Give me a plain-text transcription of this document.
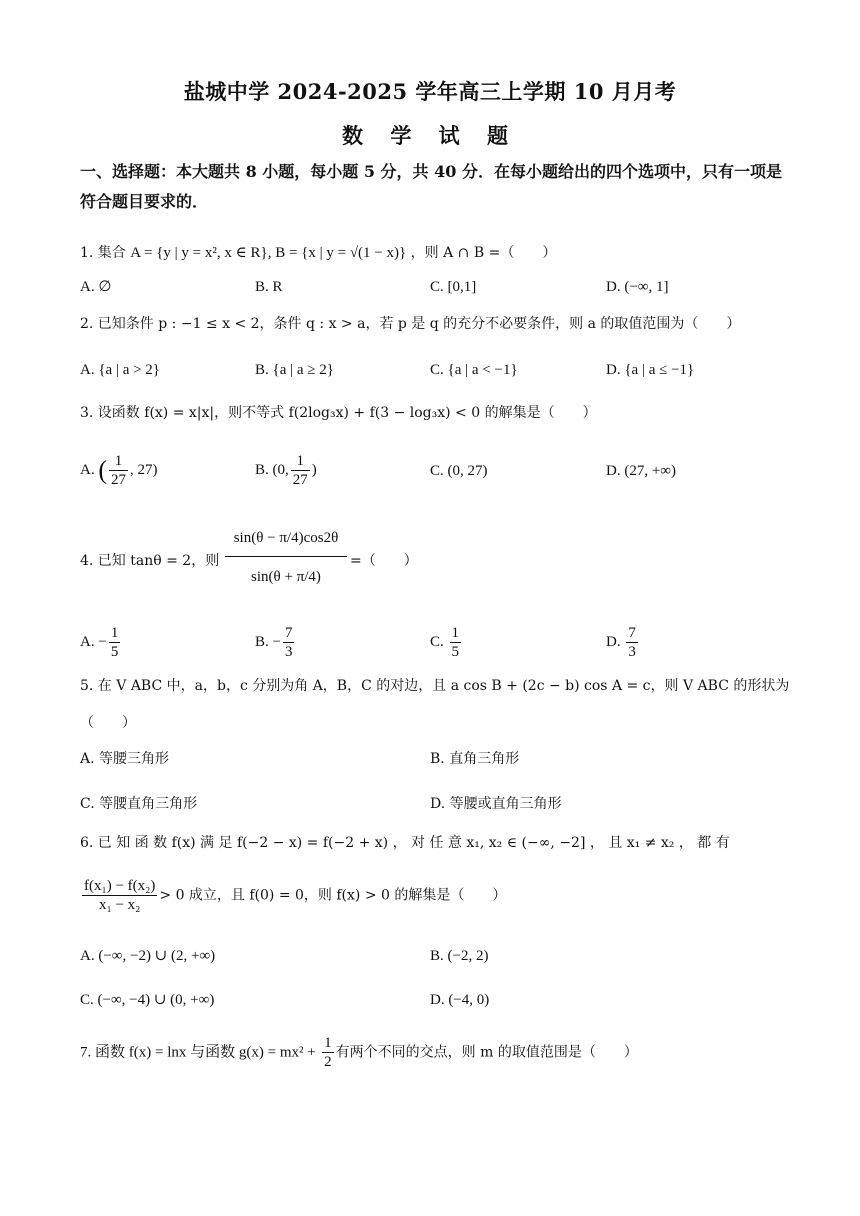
盐城中学 2024-2025 学年高三上学期 10 月月考
数 学 试 题
一、选择题：本大题共 8 小题，每小题 5 分，共 40 分．在每小题给出的四个选项中，只有一项是符合题目要求的．
1. 集合 A = {y | y = x², x ∈ R}, B = {x | y = √(1 − x)} ，则 A ∩ B =（　　）
A. ∅	B. R	C. [0,1]	D. (−∞, 1]
2. 已知条件 p : −1 ≤ x < 2，条件 q : x > a，若 p 是 q 的充分不必要条件，则 a 的取值范围为（　　）
A. {a | a > 2}	B. {a | a ≥ 2}	C. {a | a < −1}	D. {a | a ≤ −1}
3. 设函数 f(x) = x|x|，则不等式 f(2log₃x) + f(3 − log₃x) < 0 的解集是（　　）
A. ( $\frac{1}{27}$ , 27)	B. (0, $\frac{1}{27}$ )	C. (0, 27)	D. (27, +∞)
4. 已知 tanθ = 2，则 $\frac{\sin(\theta - \pi/4)\cos 2\theta}{\sin(\theta + \pi/4)}$ =（　　）
A. − $\frac{1}{5}$	B. − $\frac{7}{3}$	C. $\frac{1}{5}$	D. $\frac{7}{3}$
5. 在 V ABC 中，a，b，c 分别为角 A，B，C 的对边，且 a cos B + (2c − b) cos A = c，则 V ABC 的形状为
（　　）
A. 等腰三角形	B. 直角三角形
C. 等腰直角三角形	D. 等腰或直角三角形
6. 已 知 函 数 f(x) 满 足 f(−2 − x) = f(−2 + x) ， 对 任 意 x₁, x₂ ∈ (−∞, −2] ， 且 x₁ ≠ x₂ ， 都 有
$\frac{\text{f(x₁) − f(x₂)}}{\text{x₁ − x₂}} > 0$ 成立，且 f(0) = 0，则 f(x) > 0 的解集是（　　）
A. (−∞, −2) ∪ (2, +∞)	B. (−2, 2)
C. (−∞, −4) ∪ (0, +∞)	D. (−4, 0)
7. 函数 f(x) = lnx 与函数 $g(x) = mx^2 + \frac{1}{2}$ 有两个不同的交点，则 m 的取值范围是（　　）
